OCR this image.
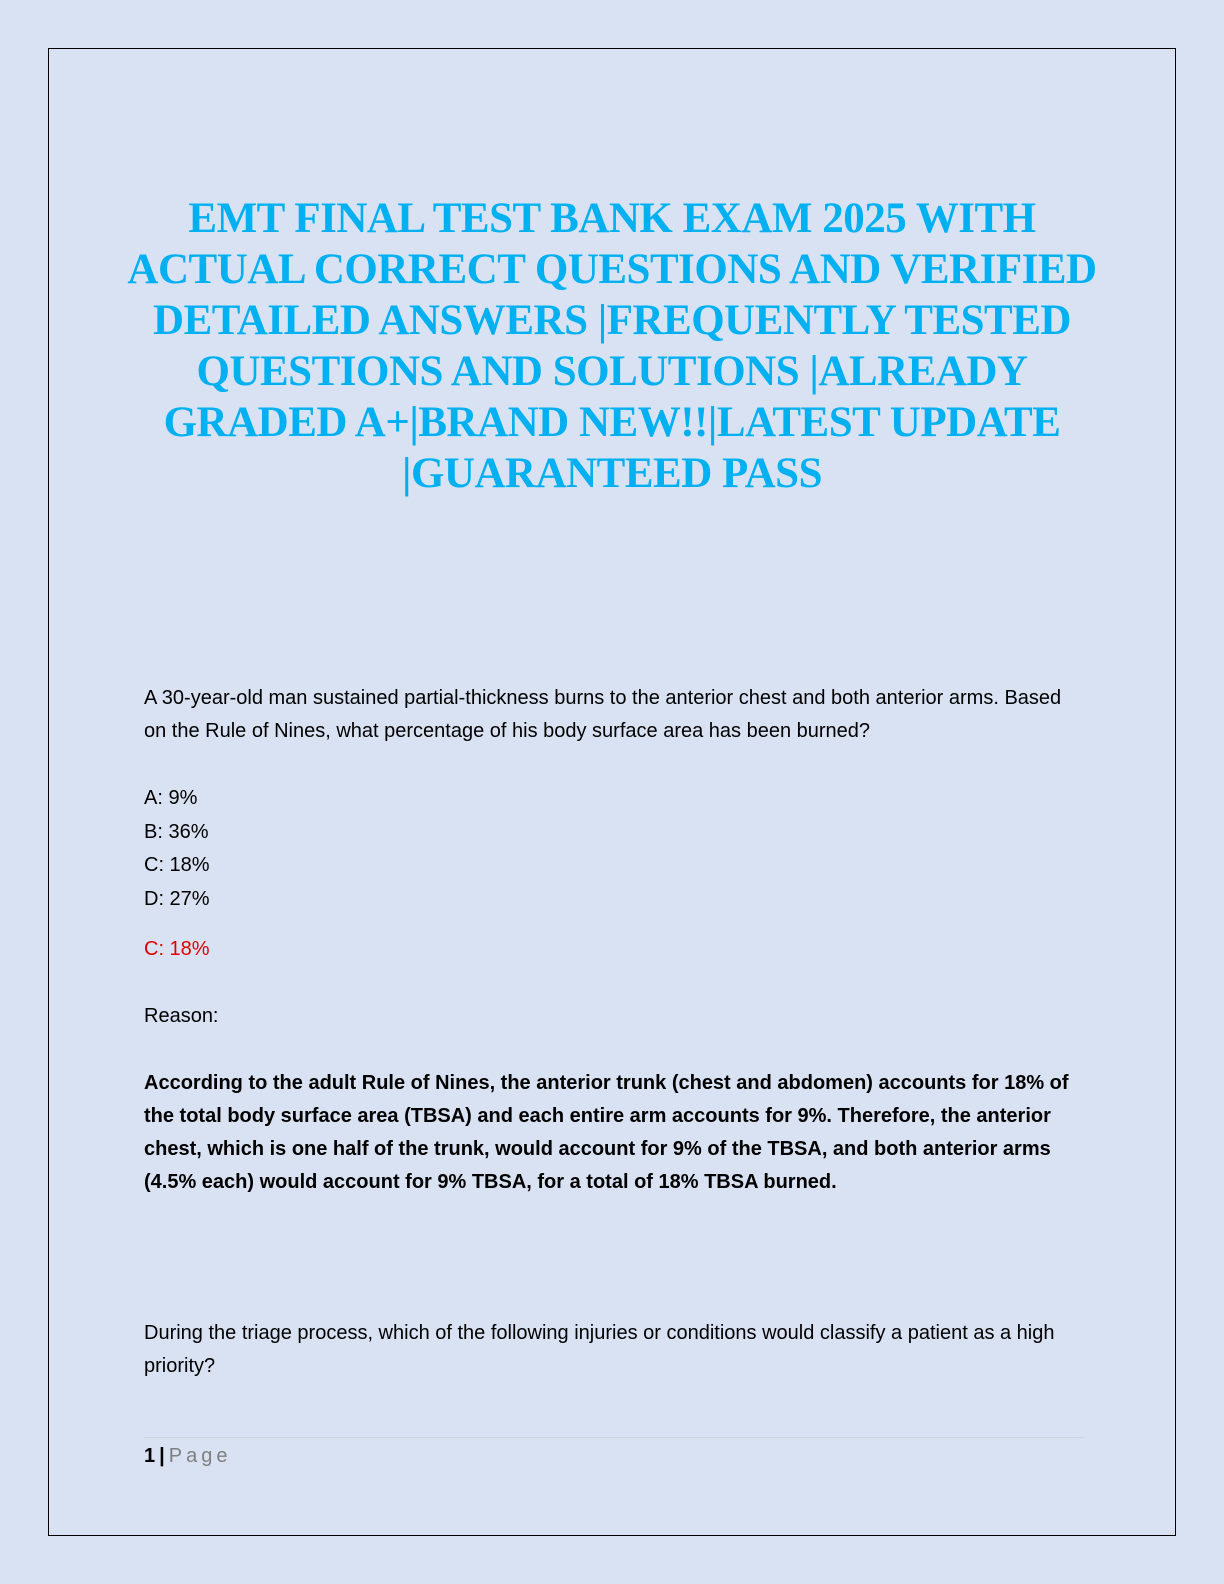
EMT FINAL TEST BANK EXAM 2025 WITH ACTUAL CORRECT QUESTIONS AND VERIFIED DETAILED ANSWERS |FREQUENTLY TESTED QUESTIONS AND SOLUTIONS |ALREADY GRADED A+|BRAND NEW!!|LATEST UPDATE |GUARANTEED PASS

A 30-year-old man sustained partial-thickness burns to the anterior chest and both anterior arms. Based on the Rule of Nines, what percentage of his body surface area has been burned?

A: 9%
B: 36%
C: 18%
D: 27%

C: 18%

Reason:

According to the adult Rule of Nines, the anterior trunk (chest and abdomen) accounts for 18% of the total body surface area (TBSA) and each entire arm accounts for 9%. Therefore, the anterior chest, which is one half of the trunk, would account for 9% of the TBSA, and both anterior arms (4.5% each) would account for 9% TBSA, for a total of 18% TBSA burned.

During the triage process, which of the following injuries or conditions would classify a patient as a high priority?

1 | Page
